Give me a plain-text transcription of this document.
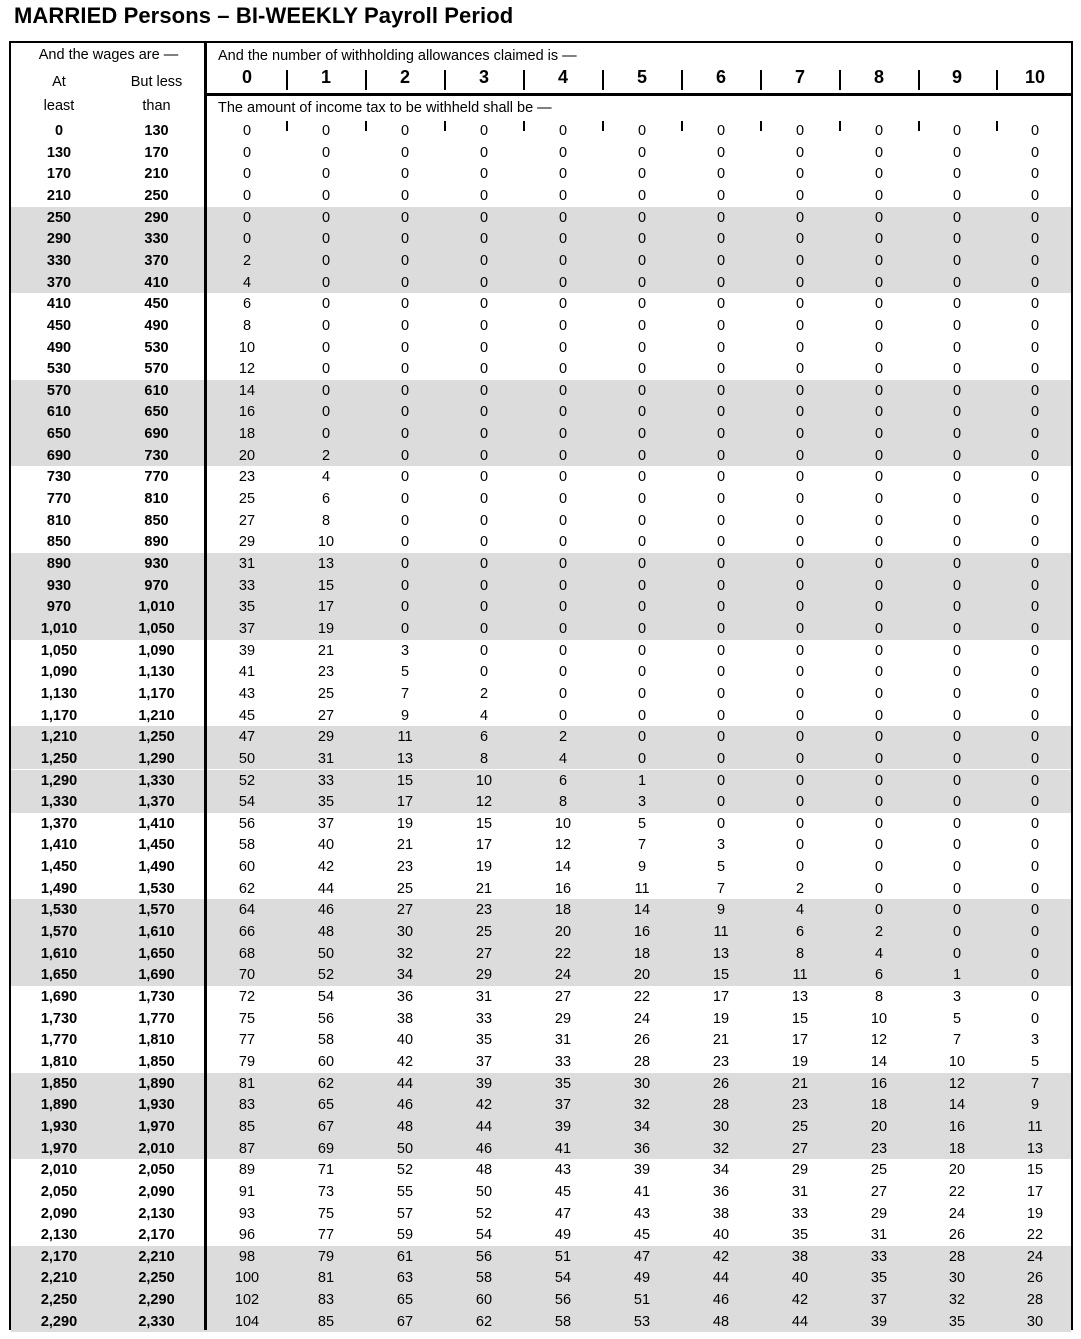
MARRIED Persons – BI-WEEKLY Payroll Period
And the wages are —
At
least
But less
than
And the number of withholding allowances claimed is —
The amount of income tax to be withheld shall be —
0	1	2	3	4	5	6	7	8	9	10
0	130	0	0	0	0	0	0	0	0	0	0	0
130	170	0	0	0	0	0	0	0	0	0	0	0
170	210	0	0	0	0	0	0	0	0	0	0	0
210	250	0	0	0	0	0	0	0	0	0	0	0
250	290	0	0	0	0	0	0	0	0	0	0	0
290	330	0	0	0	0	0	0	0	0	0	0	0
330	370	2	0	0	0	0	0	0	0	0	0	0
370	410	4	0	0	0	0	0	0	0	0	0	0
410	450	6	0	0	0	0	0	0	0	0	0	0
450	490	8	0	0	0	0	0	0	0	0	0	0
490	530	10	0	0	0	0	0	0	0	0	0	0
530	570	12	0	0	0	0	0	0	0	0	0	0
570	610	14	0	0	0	0	0	0	0	0	0	0
610	650	16	0	0	0	0	0	0	0	0	0	0
650	690	18	0	0	0	0	0	0	0	0	0	0
690	730	20	2	0	0	0	0	0	0	0	0	0
730	770	23	4	0	0	0	0	0	0	0	0	0
770	810	25	6	0	0	0	0	0	0	0	0	0
810	850	27	8	0	0	0	0	0	0	0	0	0
850	890	29	10	0	0	0	0	0	0	0	0	0
890	930	31	13	0	0	0	0	0	0	0	0	0
930	970	33	15	0	0	0	0	0	0	0	0	0
970	1,010	35	17	0	0	0	0	0	0	0	0	0
1,010	1,050	37	19	0	0	0	0	0	0	0	0	0
1,050	1,090	39	21	3	0	0	0	0	0	0	0	0
1,090	1,130	41	23	5	0	0	0	0	0	0	0	0
1,130	1,170	43	25	7	2	0	0	0	0	0	0	0
1,170	1,210	45	27	9	4	0	0	0	0	0	0	0
1,210	1,250	47	29	11	6	2	0	0	0	0	0	0
1,250	1,290	50	31	13	8	4	0	0	0	0	0	0
1,290	1,330	52	33	15	10	6	1	0	0	0	0	0
1,330	1,370	54	35	17	12	8	3	0	0	0	0	0
1,370	1,410	56	37	19	15	10	5	0	0	0	0	0
1,410	1,450	58	40	21	17	12	7	3	0	0	0	0
1,450	1,490	60	42	23	19	14	9	5	0	0	0	0
1,490	1,530	62	44	25	21	16	11	7	2	0	0	0
1,530	1,570	64	46	27	23	18	14	9	4	0	0	0
1,570	1,610	66	48	30	25	20	16	11	6	2	0	0
1,610	1,650	68	50	32	27	22	18	13	8	4	0	0
1,650	1,690	70	52	34	29	24	20	15	11	6	1	0
1,690	1,730	72	54	36	31	27	22	17	13	8	3	0
1,730	1,770	75	56	38	33	29	24	19	15	10	5	0
1,770	1,810	77	58	40	35	31	26	21	17	12	7	3
1,810	1,850	79	60	42	37	33	28	23	19	14	10	5
1,850	1,890	81	62	44	39	35	30	26	21	16	12	7
1,890	1,930	83	65	46	42	37	32	28	23	18	14	9
1,930	1,970	85	67	48	44	39	34	30	25	20	16	11
1,970	2,010	87	69	50	46	41	36	32	27	23	18	13
2,010	2,050	89	71	52	48	43	39	34	29	25	20	15
2,050	2,090	91	73	55	50	45	41	36	31	27	22	17
2,090	2,130	93	75	57	52	47	43	38	33	29	24	19
2,130	2,170	96	77	59	54	49	45	40	35	31	26	22
2,170	2,210	98	79	61	56	51	47	42	38	33	28	24
2,210	2,250	100	81	63	58	54	49	44	40	35	30	26
2,250	2,290	102	83	65	60	56	51	46	42	37	32	28
2,290	2,330	104	85	67	62	58	53	48	44	39	35	30
